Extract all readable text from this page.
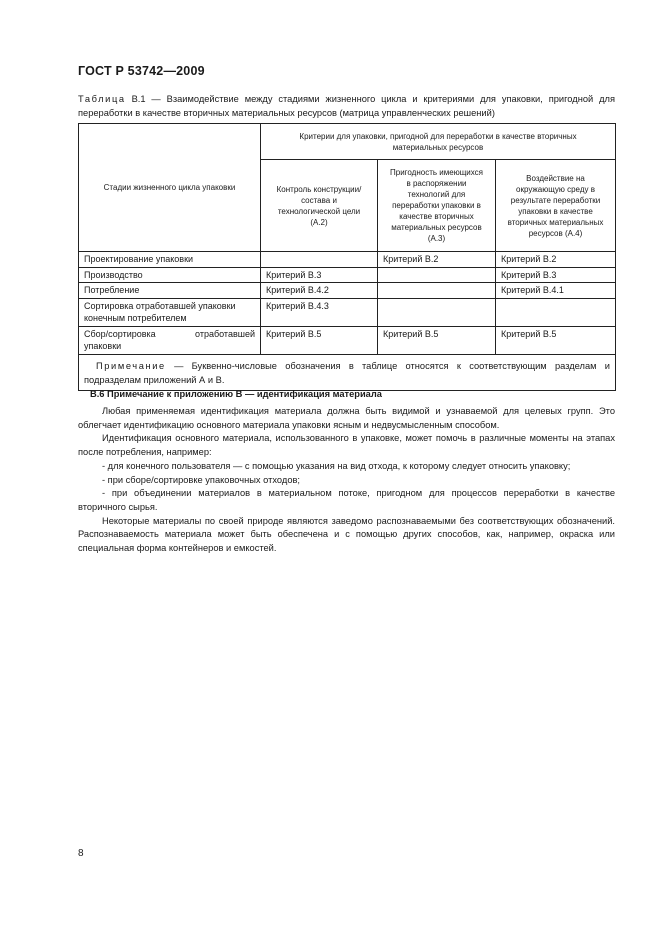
ГОСТ Р 53742—2009
Таблица В.1 — Взаимодействие между стадиями жизненного цикла и критериями для упаковки, пригодной для переработки в качестве вторичных материальных ресурсов (матрица управленческих решений)
Стадии жизненного цикла упаковки	Критерии для упаковки, пригодной для переработки в качестве вторичных материальных ресурсов		
	Контроль конструкции/состава и технологической цели (А.2)	Пригодность имеющихся в распоряжении технологий для переработки упаковки в качестве вторичных материальных ресурсов (А.3)	Воздействие на окружающую среду в результате переработки упаковки в качестве вторичных материальных ресурсов (А.4)
Проектирование упаковки		Критерий В.2	Критерий В.2
Производство	Критерий В.3		Критерий В.3
Потребление	Критерий В.4.2		Критерий В.4.1

Сортировка отработавшей упаковки
конечным потребителем	Критерий В.4.3		

Сбор/сортировка отработавшей
упаковки	Критерий В.5	Критерий В.5	Критерий В.5
Примечание — Буквенно-числовые обозначения в таблице относятся к соответствующим разделам и подразделам приложений А и В.			
В.6 Примечание к приложению В — идентификация материала

Любая применяемая идентификация материала должна быть видимой и узнаваемой для целевых групп. Это облегчает идентификацию основного материала упаковки ясным и недвусмысленным способом.

Идентификация основного материала, использованного в упаковке, может помочь в различные моменты на этапах после потребления, например:

- для конечного пользователя — с помощью указания на вид отхода, к которому следует относить упаковку;

- при сборе/сортировке упаковочных отходов;

- при объединении материалов в материальном потоке, пригодном для процессов переработки в качестве вторичного сырья.

Некоторые материалы по своей природе являются заведомо распознаваемыми без соответствующих обозначений. Распознаваемость материала может быть обеспечена и с помощью других способов, как, например, окраска или специальная форма контейнеров и емкостей.

8
